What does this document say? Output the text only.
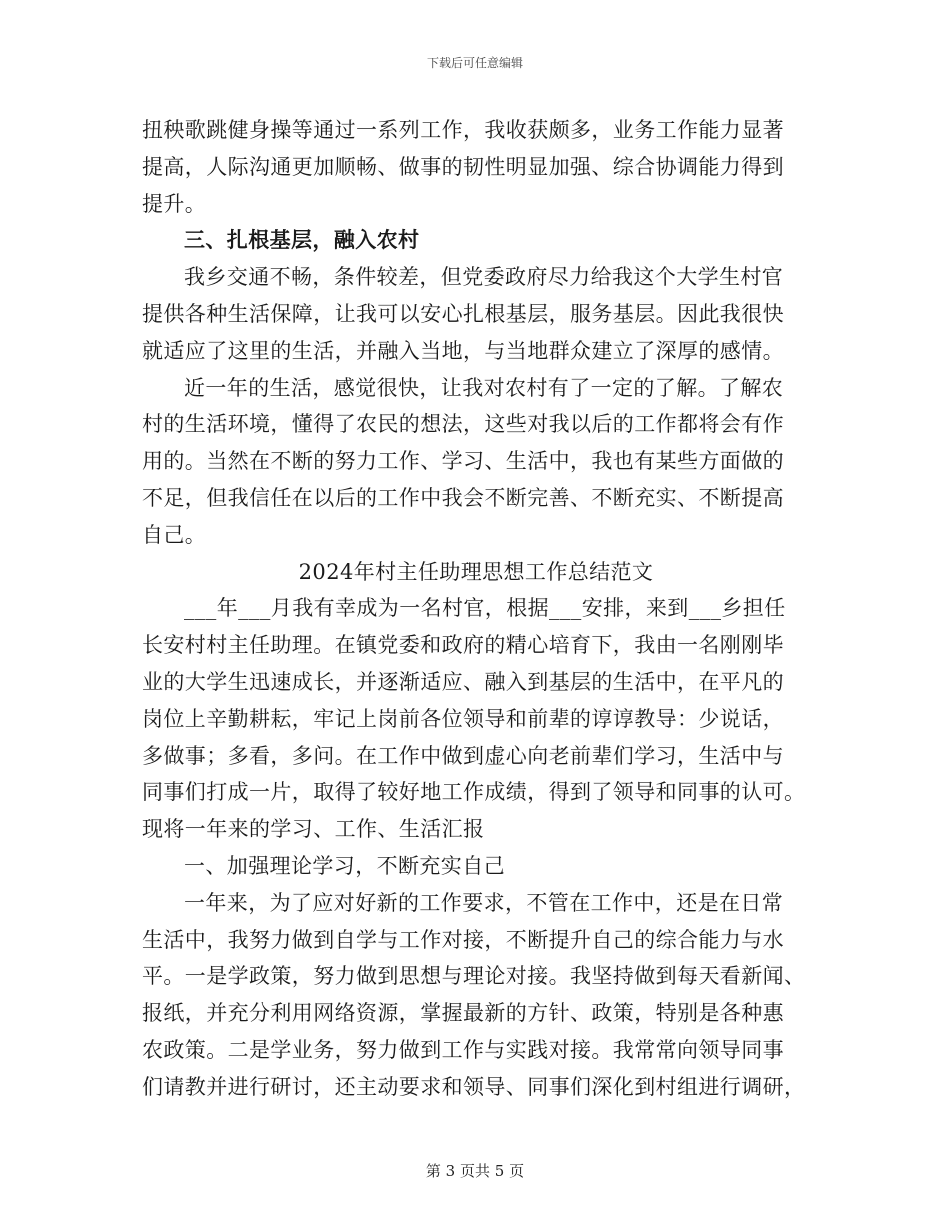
下载后可任意编辑
扭秧歌跳健身操等通过一系列工作，我收获颇多，业务工作能力显著
提高，人际沟通更加顺畅、做事的韧性明显加强、综合协调能力得到
提升。
三、扎根基层，融入农村
我乡交通不畅，条件较差，但党委政府尽力给我这个大学生村官
提供各种生活保障，让我可以安心扎根基层，服务基层。因此我很快
就适应了这里的生活，并融入当地，与当地群众建立了深厚的感情。
近一年的生活，感觉很快，让我对农村有了一定的了解。了解农
村的生活环境，懂得了农民的想法，这些对我以后的工作都将会有作
用的。当然在不断的努力工作、学习、生活中，我也有某些方面做的
不足，但我信任在以后的工作中我会不断完善、不断充实、不断提高
自己。
2024年村主任助理思想工作总结范文
___年___月我有幸成为一名村官，根据___安排，来到___乡担任
长安村村主任助理。在镇党委和政府的精心培育下，我由一名刚刚毕
业的大学生迅速成长，并逐渐适应、融入到基层的生活中，在平凡的
岗位上辛勤耕耘，牢记上岗前各位领导和前辈的谆谆教导：少说话，
多做事；多看，多问。在工作中做到虚心向老前辈们学习，生活中与
同事们打成一片，取得了较好地工作成绩，得到了领导和同事的认可。
现将一年来的学习、工作、生活汇报
一、加强理论学习，不断充实自己
一年来，为了应对好新的工作要求，不管在工作中，还是在日常
生活中，我努力做到自学与工作对接，不断提升自己的综合能力与水
平。一是学政策，努力做到思想与理论对接。我坚持做到每天看新闻、
报纸，并充分利用网络资源，掌握最新的方针、政策，特别是各种惠
农政策。二是学业务，努力做到工作与实践对接。我常常向领导同事
们请教并进行研讨，还主动要求和领导、同事们深化到村组进行调研，
第 3 页共 5 页
